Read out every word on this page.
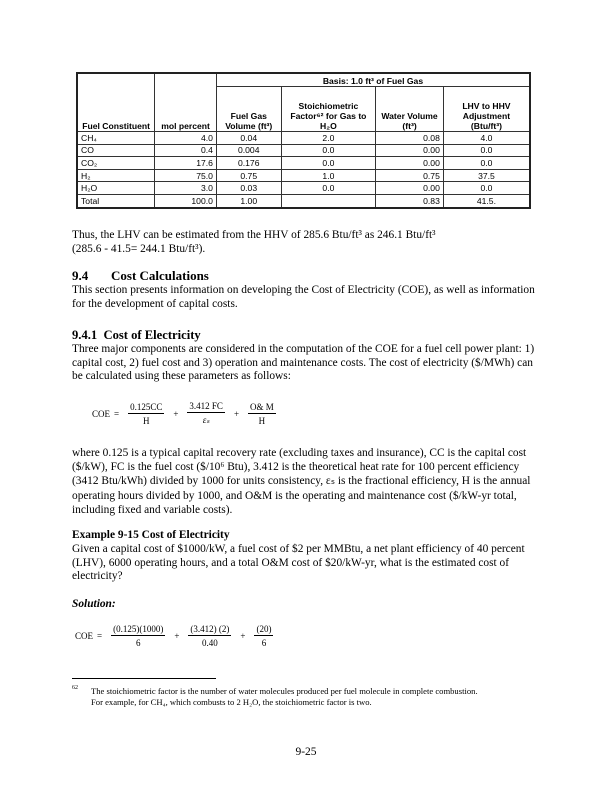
Fuel Constituent	mol percent	Basis: 1.0 ft³ of Fuel Gas			
		Fuel Gas Volume (ft³)	Stoichiometric Factor⁶² for Gas to H₂O	Water Volume (ft³)	LHV to HHV Adjustment (Btu/ft³)
CH₄	4.0	0.04	2.0	0.08	4.0
CO	0.4	0.004	0.0	0.00	0.0
CO₂	17.6	0.176	0.0	0.00	0.0
H₂	75.0	0.75	1.0	0.75	37.5
H₂O	3.0	0.03	0.0	0.00	0.0
Total	100.0	1.00		0.83	41.5.
Thus, the LHV can be estimated from the HHV of 285.6 Btu/ft³ as 246.1 Btu/ft³
(285.6 - 41.5= 244.1 Btu/ft³).
9.4 Cost Calculations
This section presents information on developing the Cost of Electricity (COE), as well as information for the development of capital costs.
9.4.1 Cost of Electricity
Three major components are considered in the computation of the COE for a fuel cell power plant: 1) capital cost, 2) fuel cost and 3) operation and maintenance costs. The cost of electricity ($/MWh) can be calculated using these parameters as follows:
COE = $\frac{0.125CC}{H} + \frac{3.412 FC}{\text{εₛ}} + \frac{O\& M}{H}$
where 0.125 is a typical capital recovery rate (excluding taxes and insurance), CC is the capital cost ($/kW), FC is the fuel cost ($/10⁶ Btu), 3.412 is the theoretical heat rate for 100 percent efficiency (3412 Btu/kWh) divided by 1000 for units consistency, εₛ is the fractional efficiency, H is the annual operating hours divided by 1000, and O&M is the operating and maintenance cost ($/kW-yr total, including fixed and variable costs).
Example 9-15 Cost of Electricity
Given a capital cost of $1000/kW, a fuel cost of $2 per MMBtu, a net plant efficiency of 40 percent (LHV), 6000 operating hours, and a total O&M cost of $20/kW-yr, what is the estimated cost of electricity?
Solution:
COE = $\frac{(0.125)(1000)}{6} + \frac{(3.412) (2)}{0.40} + \frac{(20)}{6}$
62 The stoichiometric factor is the number of water molecules produced per fuel molecule in complete combustion.
For example, for CH₄, which combusts to 2 H₂O, the stoichiometric factor is two.
9-25
